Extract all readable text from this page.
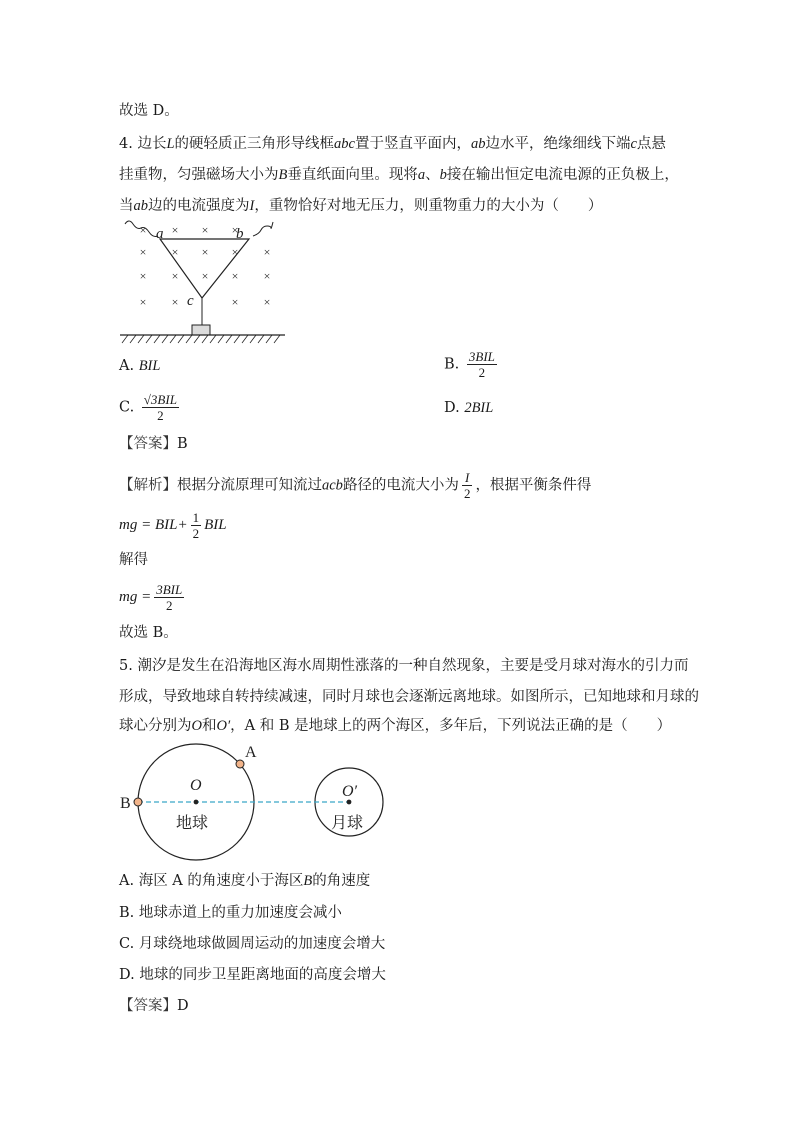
故选 D。
4. 边长L的硬轻质正三角形导线框abc置于竖直平面内，ab边水平，绝缘细线下端c点悬
挂重物，匀强磁场大小为B垂直纸面向里。现将a、b接在输出恒定电流电源的正负极上，
当ab边的电流强度为I，重物恰好对地无压力，则重物重力的大小为（　　）
× × × ×
× × × × ×
× × × × ×
× ×	× ×
a	b
c
A. BIL	B. $\frac{\text{3BIL}}{2}$
C. $\frac{\text{√3BIL}}{2}$	D. 2BIL
【答案】B
【解析】根据分流原理可知流过acb路径的电流大小为 $\frac{I}{2}$ ，根据平衡条件得
mg = $BIL+ \frac{1}{2}$ BIL
解得
mg = $\frac{\text{3BIL}}{2}$
故选 B。
5. 潮汐是发生在沿海地区海水周期性涨落的一种自然现象，主要是受月球对海水的引力而
形成，导致地球自转持续减速，同时月球也会逐渐远离地球。如图所示，已知地球和月球的
球心分别为O和O′，A 和 B 是地球上的两个海区，多年后，下列说法正确的是（　　）
A
B
O	O′
地球	月球
A. 海区 A 的角速度小于海区B的角速度
B. 地球赤道上的重力加速度会减小
C. 月球绕地球做圆周运动的加速度会增大
D. 地球的同步卫星距离地面的高度会增大
【答案】D
